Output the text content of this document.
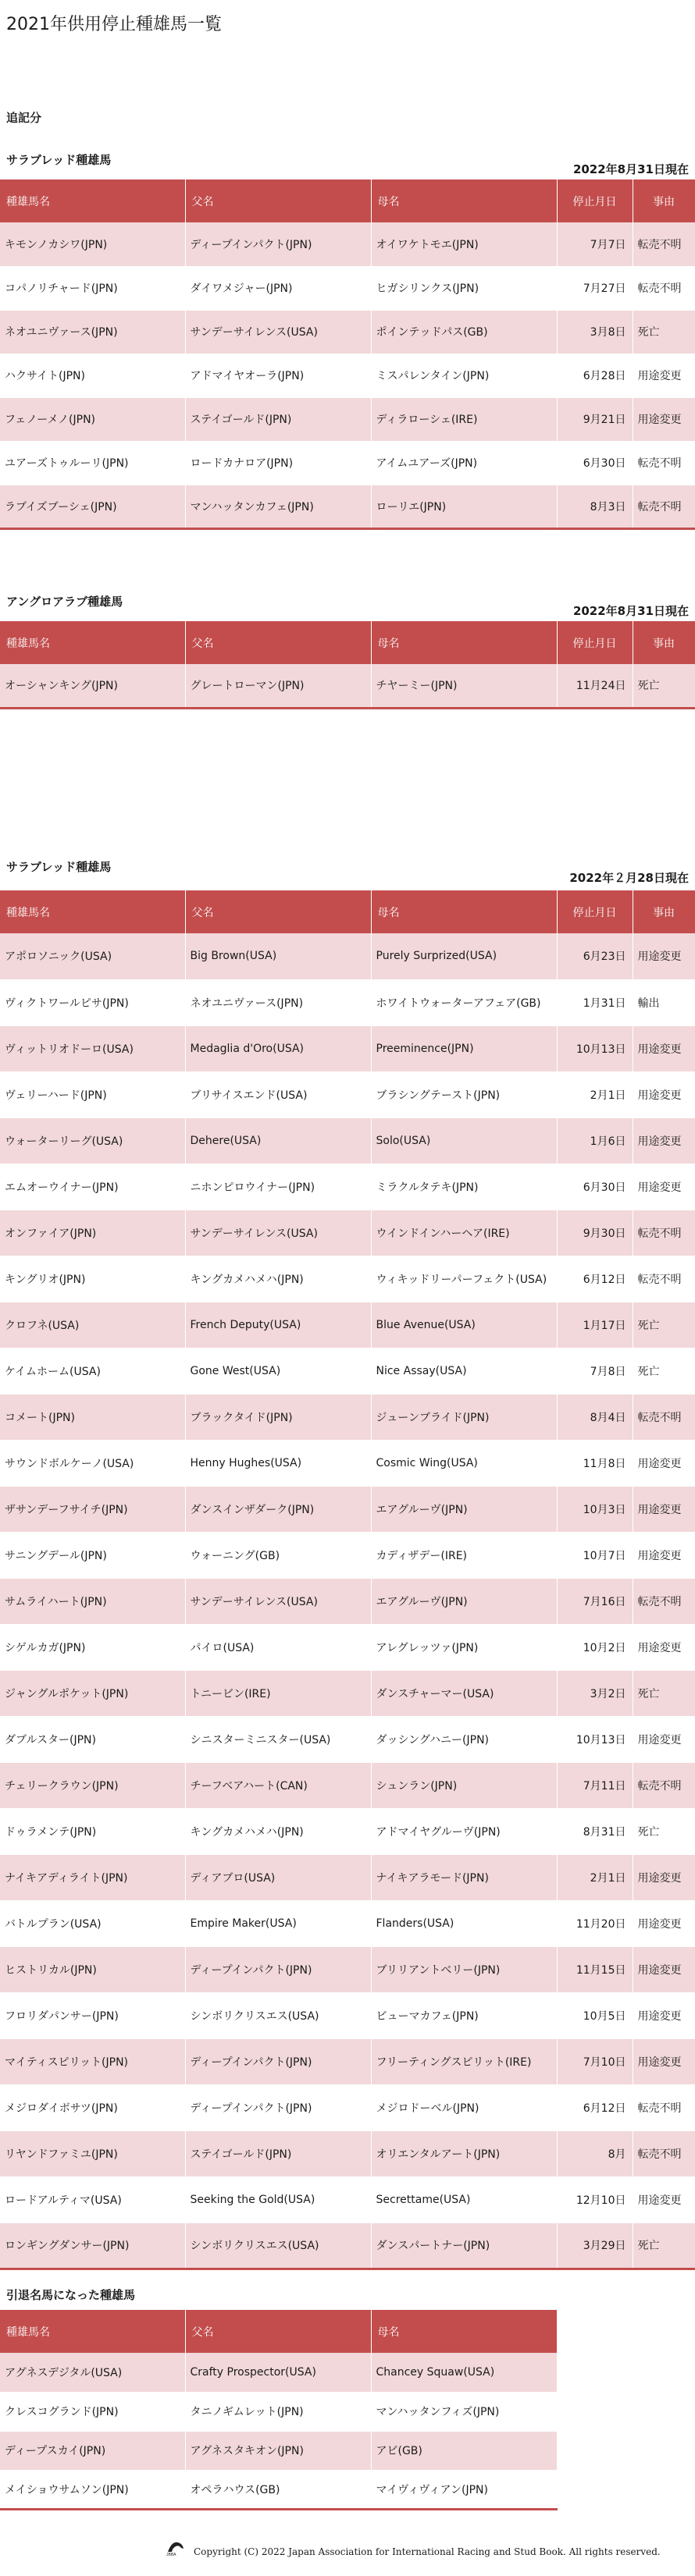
2021年供用停止種雄馬一覧
追記分
サラブレッド種雄馬
2022年8月31日現在
種雄馬名	父名	母名	停止月日	事由
キモンノカシワ(JPN)	ディープインパクト(JPN)	オイワケトモエ(JPN)	7月7日	転売不明
コパノリチャード(JPN)	ダイワメジャー(JPN)	ヒガシリンクス(JPN)	7月27日	転売不明
ネオユニヴァース(JPN)	サンデーサイレンス(USA)	ポインテッドパス(GB)	3月8日	死亡
ハクサイト(JPN)	アドマイヤオーラ(JPN)	ミスパレンタイン(JPN)	6月28日	用途変更
フェノーメノ(JPN)	ステイゴールド(JPN)	ディラローシェ(IRE)	9月21日	用途変更
ユアーズトゥルーリ(JPN)	ロードカナロア(JPN)	アイムユアーズ(JPN)	6月30日	転売不明
ラブイズブーシェ(JPN)	マンハッタンカフェ(JPN)	ローリエ(JPN)	8月3日	転売不明
アングロアラブ種雄馬
2022年8月31日現在
種雄馬名	父名	母名	停止月日	事由
オーシャンキング(JPN)	グレートローマン(JPN)	チヤーミー(JPN)	11月24日	死亡
サラブレッド種雄馬
2022年２月28日現在
種雄馬名	父名	母名	停止月日	事由
アポロソニック(USA)	Big Brown(USA)	Purely Surprized(USA)	6月23日	用途変更
ヴィクトワールピサ(JPN)	ネオユニヴァース(JPN)	ホワイトウォーターアフェア(GB)	1月31日	輸出
ヴィットリオドーロ(USA)	Medaglia d'Oro(USA)	Preeminence(JPN)	10月13日	用途変更
ヴェリーハード(JPN)	ブリサイスエンド(USA)	ブラシングテースト(JPN)	2月1日	用途変更
ウォーターリーグ(USA)	Dehere(USA)	Solo(USA)	1月6日	用途変更
エムオーウイナー(JPN)	ニホンピロウイナー(JPN)	ミラクルタテキ(JPN)	6月30日	用途変更
オンファイア(JPN)	サンデーサイレンス(USA)	ウインドインハーヘア(IRE)	9月30日	転売不明
キングリオ(JPN)	キングカメハメハ(JPN)	ウィキッドリーパーフェクト(USA)	6月12日	転売不明
クロフネ(USA)	French Deputy(USA)	Blue Avenue(USA)	1月17日	死亡
ケイムホーム(USA)	Gone West(USA)	Nice Assay(USA)	7月8日	死亡
コメート(JPN)	ブラックタイド(JPN)	ジューンブライド(JPN)	8月4日	転売不明
サウンドボルケーノ(USA)	Henny Hughes(USA)	Cosmic Wing(USA)	11月8日	用途変更
ザサンデーフサイチ(JPN)	ダンスインザダーク(JPN)	エアグルーヴ(JPN)	10月3日	用途変更
サニングデール(JPN)	ウォーニング(GB)	カディザデー(IRE)	10月7日	用途変更
サムライハート(JPN)	サンデーサイレンス(USA)	エアグルーヴ(JPN)	7月16日	転売不明
シゲルカガ(JPN)	パイロ(USA)	アレグレッツァ(JPN)	10月2日	用途変更
ジャングルポケット(JPN)	トニービン(IRE)	ダンスチャーマー(USA)	3月2日	死亡
ダブルスター(JPN)	シニスターミニスター(USA)	ダッシングハニー(JPN)	10月13日	用途変更
チェリークラウン(JPN)	チーフベアハート(CAN)	シュンラン(JPN)	7月11日	転売不明
ドゥラメンテ(JPN)	キングカメハメハ(JPN)	アドマイヤグルーヴ(JPN)	8月31日	死亡
ナイキアディライト(JPN)	ディアブロ(USA)	ナイキアラモード(JPN)	2月1日	用途変更
バトルプラン(USA)	Empire Maker(USA)	Flanders(USA)	11月20日	用途変更
ヒストリカル(JPN)	ディープインパクト(JPN)	ブリリアントベリー(JPN)	11月15日	用途変更
フロリダパンサー(JPN)	シンボリクリスエス(USA)	ビューマカフェ(JPN)	10月5日	用途変更
マイティスピリット(JPN)	ディープインパクト(JPN)	フリーティングスピリット(IRE)	7月10日	用途変更
メジロダイボサツ(JPN)	ディープインパクト(JPN)	メジロドーベル(JPN)	6月12日	転売不明
リヤンドファミユ(JPN)	ステイゴールド(JPN)	オリエンタルアート(JPN)	8月	転売不明
ロードアルティマ(USA)	Seeking the Gold(USA)	Secrettame(USA)	12月10日	用途変更
ロンギングダンサー(JPN)	シンボリクリスエス(USA)	ダンスパートナー(JPN)	3月29日	死亡
引退名馬になった種雄馬
種雄馬名	父名	母名
アグネスデジタル(USA)	Crafty Prospector(USA)	Chancey Squaw(USA)
クレスコグランド(JPN)	タニノギムレット(JPN)	マンハッタンフィズ(JPN)
ディープスカイ(JPN)	アグネスタキオン(JPN)	アビ(GB)
メイショウサムソン(JPN)	オペラハウス(GB)	マイヴィヴィアン(JPN)
JBBA Copyright (C) 2022 Japan Association for International Racing and Stud Book. All rights reserved.
